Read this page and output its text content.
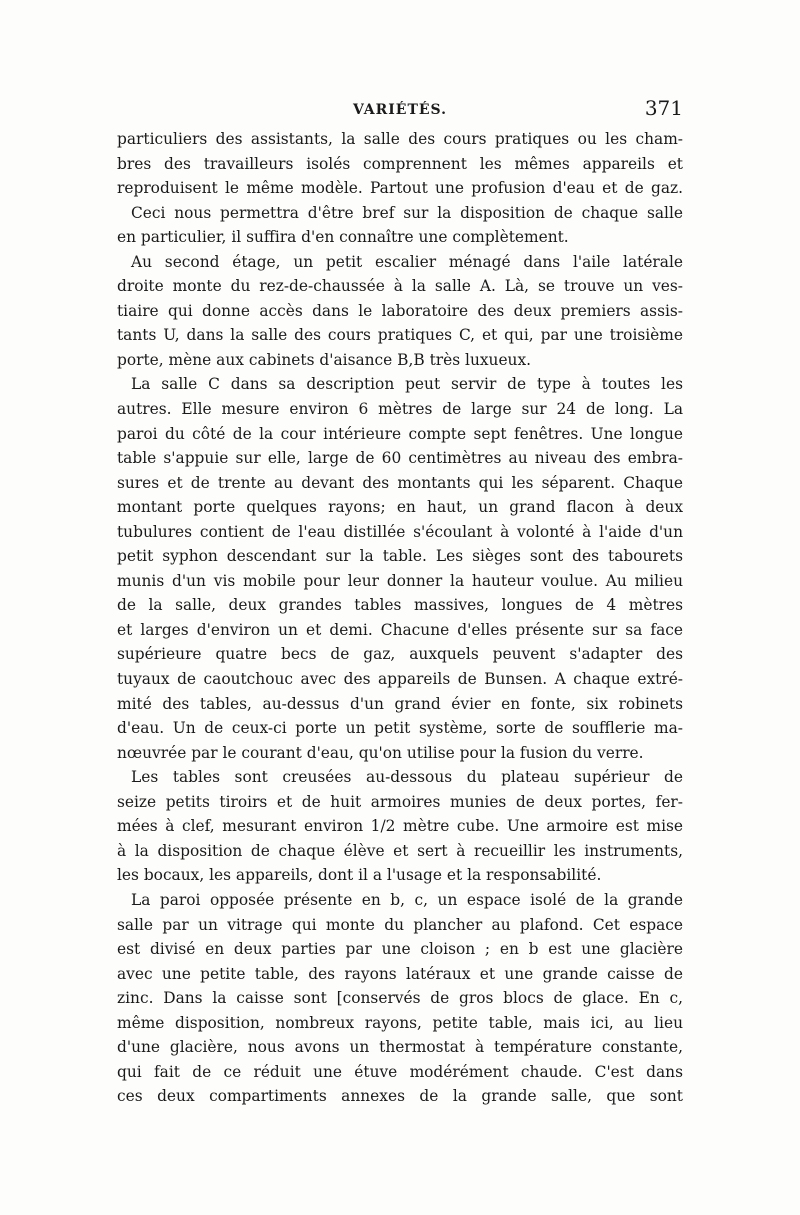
VARIÉTÉS.	371
particuliers des assistants, la salle des cours pratiques ou les cham-
bres des travailleurs isolés comprennent les mêmes appareils et
reproduisent le même modèle. Partout une profusion d'eau et de gaz.
Ceci nous permettra d'être bref sur la disposition de chaque salle
en particulier, il suffira d'en connaître une complètement.
Au second étage, un petit escalier ménagé dans l'aile latérale
droite monte du rez-de-chaussée à la salle A. Là, se trouve un ves-
tiaire qui donne accès dans le laboratoire des deux premiers assis-
tants U, dans la salle des cours pratiques C, et qui, par une troisième
porte, mène aux cabinets d'aisance B,B très luxueux.
La salle C dans sa description peut servir de type à toutes les
autres. Elle mesure environ 6 mètres de large sur 24 de long. La
paroi du côté de la cour intérieure compte sept fenêtres. Une longue
table s'appuie sur elle, large de 60 centimètres au niveau des embra-
sures et de trente au devant des montants qui les séparent. Chaque
montant porte quelques rayons; en haut, un grand flacon à deux
tubulures contient de l'eau distillée s'écoulant à volonté à l'aide d'un
petit syphon descendant sur la table. Les sièges sont des tabourets
munis d'un vis mobile pour leur donner la hauteur voulue. Au milieu
de la salle, deux grandes tables massives, longues de 4 mètres
et larges d'environ un et demi. Chacune d'elles présente sur sa face
supérieure quatre becs de gaz, auxquels peuvent s'adapter des
tuyaux de caoutchouc avec des appareils de Bunsen. A chaque extré-
mité des tables, au-dessus d'un grand évier en fonte, six robinets
d'eau. Un de ceux-ci porte un petit système, sorte de soufflerie ma-
nœuvrée par le courant d'eau, qu'on utilise pour la fusion du verre.
Les tables sont creusées au-dessous du plateau supérieur de
seize petits tiroirs et de huit armoires munies de deux portes, fer-
mées à clef, mesurant environ 1/2 mètre cube. Une armoire est mise
à la disposition de chaque élève et sert à recueillir les instruments,
les bocaux, les appareils, dont il a l'usage et la responsabilité.
La paroi opposée présente en b, c, un espace isolé de la grande
salle par un vitrage qui monte du plancher au plafond. Cet espace
est divisé en deux parties par une cloison ; en b est une glacière
avec une petite table, des rayons latéraux et une grande caisse de
zinc. Dans la caisse sont [conservés de gros blocs de glace. En c,
même disposition, nombreux rayons, petite table, mais ici, au lieu
d'une glacière, nous avons un thermostat à température constante,
qui fait de ce réduit une étuve modérément chaude. C'est dans
ces deux compartiments annexes de la grande salle, que sont
